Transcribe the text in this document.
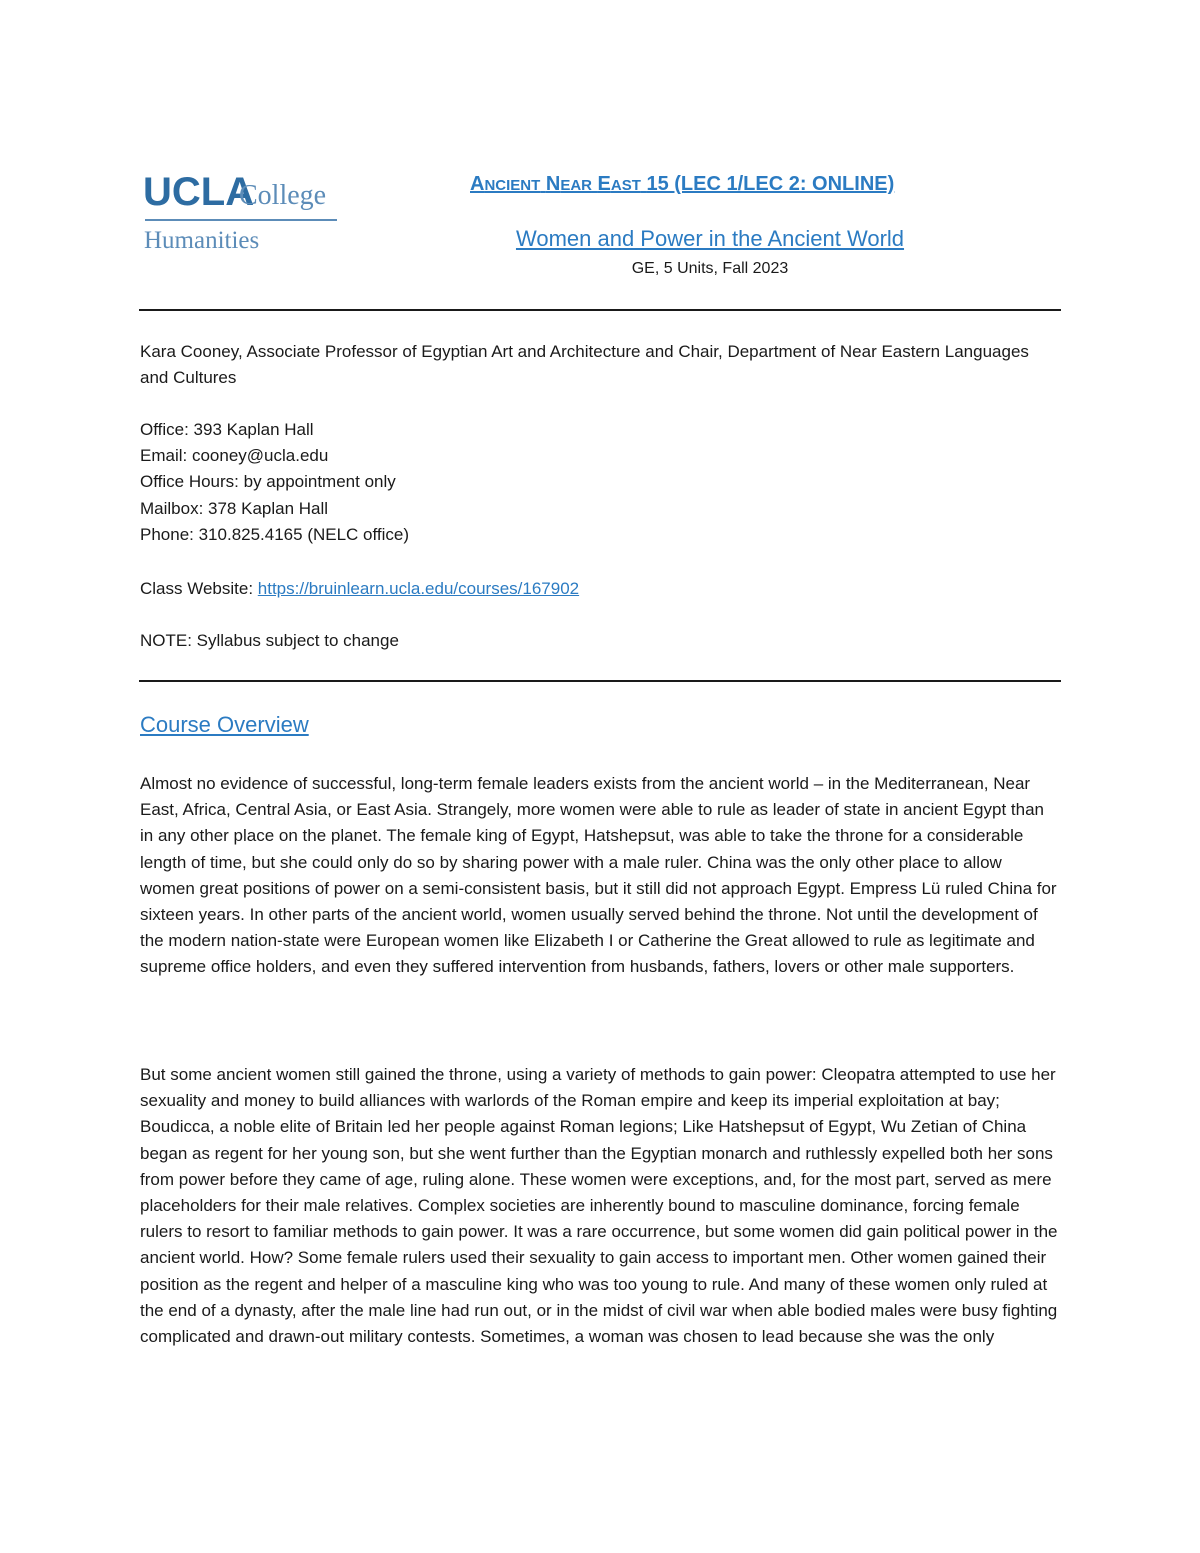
UCLA
College
Humanities
ANCIENT NEAR EAST 15 (LEC 1/LEC 2: ONLINE)
Women and Power in the Ancient World
GE, 5 Units, Fall 2023
Kara Cooney, Associate Professor of Egyptian Art and Architecture and Chair, Department of Near Eastern Languages and Cultures
Office: 393 Kaplan Hall
Email: cooney@ucla.edu
Office Hours: by appointment only
Mailbox: 378 Kaplan Hall
Phone: 310.825.4165 (NELC office)
Class Website: https://bruinlearn.ucla.edu/courses/167902
NOTE: Syllabus subject to change
Course Overview
Almost no evidence of successful, long-term female leaders exists from the ancient world – in the Mediterranean, Near East, Africa, Central Asia, or East Asia. Strangely, more women were able to rule as leader of state in ancient Egypt than in any other place on the planet. The female king of Egypt, Hatshepsut, was able to take the throne for a considerable length of time, but she could only do so by sharing power with a male ruler. China was the only other place to allow women great positions of power on a semi-consistent basis, but it still did not approach Egypt. Empress Lü ruled China for sixteen years. In other parts of the ancient world, women usually served behind the throne. Not until the development of the modern nation-state were European women like Elizabeth I or Catherine the Great allowed to rule as legitimate and supreme office holders, and even they suffered intervention from husbands, fathers, lovers or other male supporters.
But some ancient women still gained the throne, using a variety of methods to gain power: Cleopatra attempted to use her sexuality and money to build alliances with warlords of the Roman empire and keep its imperial exploitation at bay; Boudicca, a noble elite of Britain led her people against Roman legions; Like Hatshepsut of Egypt, Wu Zetian of China began as regent for her young son, but she went further than the Egyptian monarch and ruthlessly expelled both her sons from power before they came of age, ruling alone. These women were exceptions, and, for the most part, served as mere placeholders for their male relatives. Complex societies are inherently bound to masculine dominance, forcing female rulers to resort to familiar methods to gain power. It was a rare occurrence, but some women did gain political power in the ancient world. How? Some female rulers used their sexuality to gain access to important men. Other women gained their position as the regent and helper of a masculine king who was too young to rule. And many of these women only ruled at the end of a dynasty, after the male line had run out, or in the midst of civil war when able bodied males were busy fighting complicated and drawn-out military contests. Sometimes, a woman was chosen to lead because she was the only
